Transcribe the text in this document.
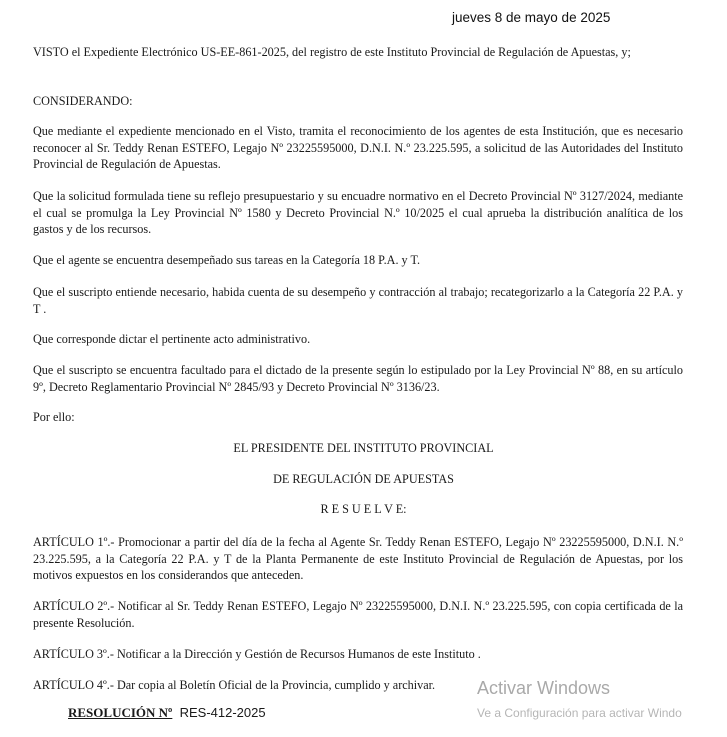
jueves 8 de mayo de 2025
VISTO el Expediente Electrónico US-EE-861-2025, del registro de este Instituto Provincial de Regulación de Apuestas, y;
CONSIDERANDO:
Que mediante el expediente mencionado en el Visto, tramita el reconocimiento de los agentes de esta Institución, que es necesario reconocer al Sr. Teddy Renan ESTEFO, Legajo Nº 23225595000, D.N.I. N.º 23.225.595, a solicitud de las Autoridades del Instituto Provincial de Regulación de Apuestas.
Que la solicitud formulada tiene su reflejo presupuestario y su encuadre normativo en el Decreto Provincial Nº 3127/2024, mediante el cual se promulga la Ley Provincial Nº 1580 y Decreto Provincial N.º 10/2025 el cual aprueba la distribución analítica de los gastos y de los recursos.
Que el agente se encuentra desempeñado sus tareas en la Categoría 18 P.A. y T.
Que el suscripto entiende necesario, habida cuenta de su desempeño y contracción al trabajo; recategorizarlo a la Categoría 22 P.A. y T .
Que corresponde dictar el pertinente acto administrativo.
Que el suscripto se encuentra facultado para el dictado de la presente según lo estipulado por la Ley Provincial Nº 88, en su artículo 9º, Decreto Reglamentario Provincial Nº 2845/93 y Decreto Provincial Nº 3136/23.
Por ello:
EL PRESIDENTE DEL INSTITUTO PROVINCIAL
DE REGULACIÓN DE APUESTAS
R E S U E L V E:
ARTÍCULO 1º.- Promocionar a partir del día de la fecha al Agente Sr. Teddy Renan ESTEFO, Legajo Nº 23225595000, D.N.I. N.º 23.225.595, a la Categoría 22 P.A. y T de la Planta Permanente de este Instituto Provincial de Regulación de Apuestas, por los motivos expuestos en los considerandos que anteceden.
ARTÍCULO 2º.- Notificar al Sr. Teddy Renan ESTEFO, Legajo Nº 23225595000, D.N.I. N.º 23.225.595, con copia certificada de la presente Resolución.
ARTÍCULO 3º.- Notificar a la Dirección y Gestión de Recursos Humanos de este Instituto .
ARTÍCULO 4º.- Dar copia al Boletín Oficial de la Provincia, cumplido y archivar.
RESOLUCIÓN Nº RES-412-2025
Activar Windows
Ve a Configuración para activar Windo
